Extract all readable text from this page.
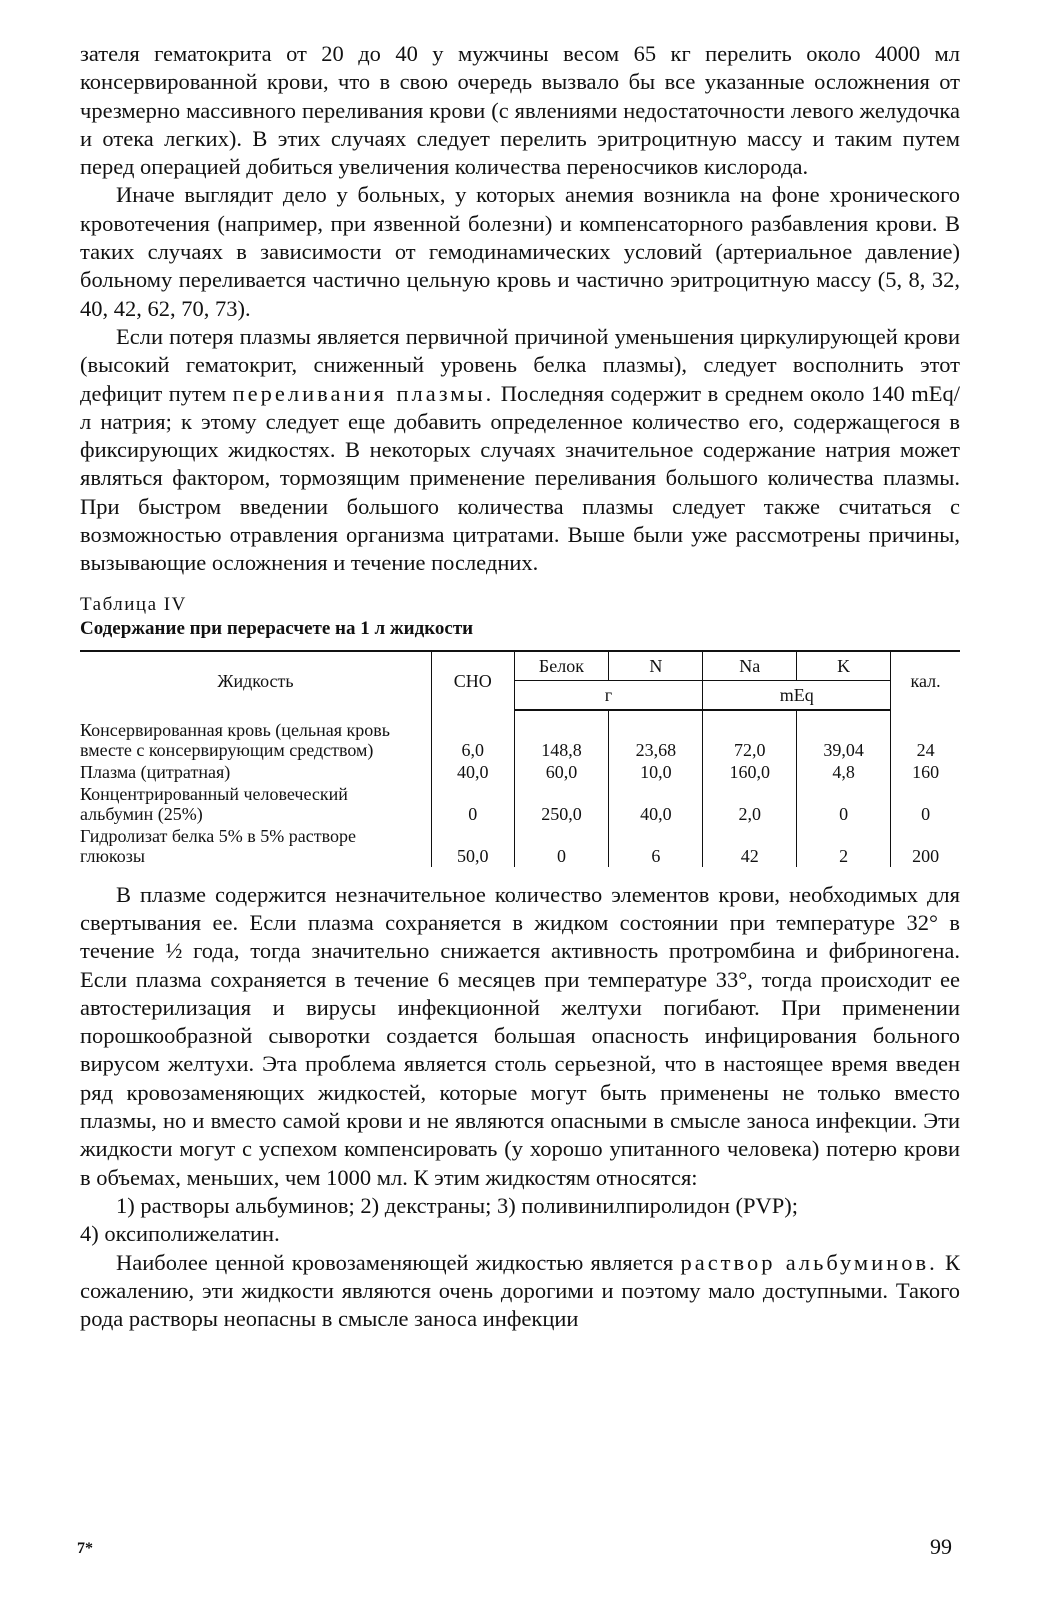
зателя гематокрита от 20 до 40 у мужчины весом 65 кг перелить около 4000 мл консервированной крови, что в свою очередь вызвало бы все указанные осложнения от чрезмерно массивного переливания крови (с явлениями недостаточности левого желудочка и отека легких). В этих случаях следует перелить эритроцитную массу и таким путем перед операцией добиться увеличения количества переносчиков кислорода.

Иначе выглядит дело у больных, у которых анемия возникла на фоне хронического кровотечения (например, при язвенной болезни) и компенсаторного разбавления крови. В таких случаях в зависимости от гемодинамических условий (артериальное давление) больному переливается частично цельную кровь и частично эритроцитную массу (5, 8, 32, 40, 42, 62, 70, 73).

Если потеря плазмы является первичной причиной уменьшения циркулирующей крови (высокий гематокрит, сниженный уровень белка плазмы), следует восполнить этот дефицит путем переливания плазмы. Последняя содержит в среднем около 140 mEq/л натрия; к этому следует еще добавить определенное количество его, содержащегося в фиксирующих жидкостях. В некоторых случаях значительное содержание натрия может являться фактором, тормозящим применение переливания большого количества плазмы. При быстром введении большого количества плазмы следует также считаться с возможностью отравления организма цитратами. Выше были уже рассмотрены причины, вызывающие осложнения и течение последних.

Таблица IV
Содержание при перерасчете на 1 л жидкости
Жидкость	СНО	Белок	N	Na	K	кал.
		г		mEq		
Консервированная кровь (цельная кровь вместе с консервирующим средством)	6,0	148,8	23,68	72,0	39,04	24
Плазма (цитратная)	40,0	60,0	10,0	160,0	4,8	160
Концентрированный человеческий альбумин (25%)	0	250,0	40,0	2,0	0	0
Гидролизат белка 5% в 5% растворе глюкозы	50,0	0	6	42	2	200

В плазме содержится незначительное количество элементов крови, необходимых для свертывания ее. Если плазма сохраняется в жидком состоянии при температуре 32° в течение ½ года, тогда значительно снижается активность протромбина и фибриногена. Если плазма сохраняется в течение 6 месяцев при температуре 33°, тогда происходит ее автостерилизация и вирусы инфекционной желтухи погибают. При применении порошкообразной сыворотки создается большая опасность инфицирования больного вирусом желтухи. Эта проблема является столь серьезной, что в настоящее время введен ряд кровозаменяющих жидкостей, которые могут быть применены не только вместо плазмы, но и вместо самой крови и не являются опасными в смысле заноса инфекции. Эти жидкости могут с успехом компенсировать (у хорошо упитанного человека) потерю крови в объемах, меньших, чем 1000 мл. К этим жидкостям относятся:

1) растворы альбуминов; 2) декстраны; 3) поливинилпиролидон (PVP);

4) оксиполижелатин.

Наиболее ценной кровозаменяющей жидкостью является раствор альбуминов. К сожалению, эти жидкости являются очень дорогими и поэтому мало доступными. Такого рода растворы неопасны в смысле заноса инфекции

7*	99
